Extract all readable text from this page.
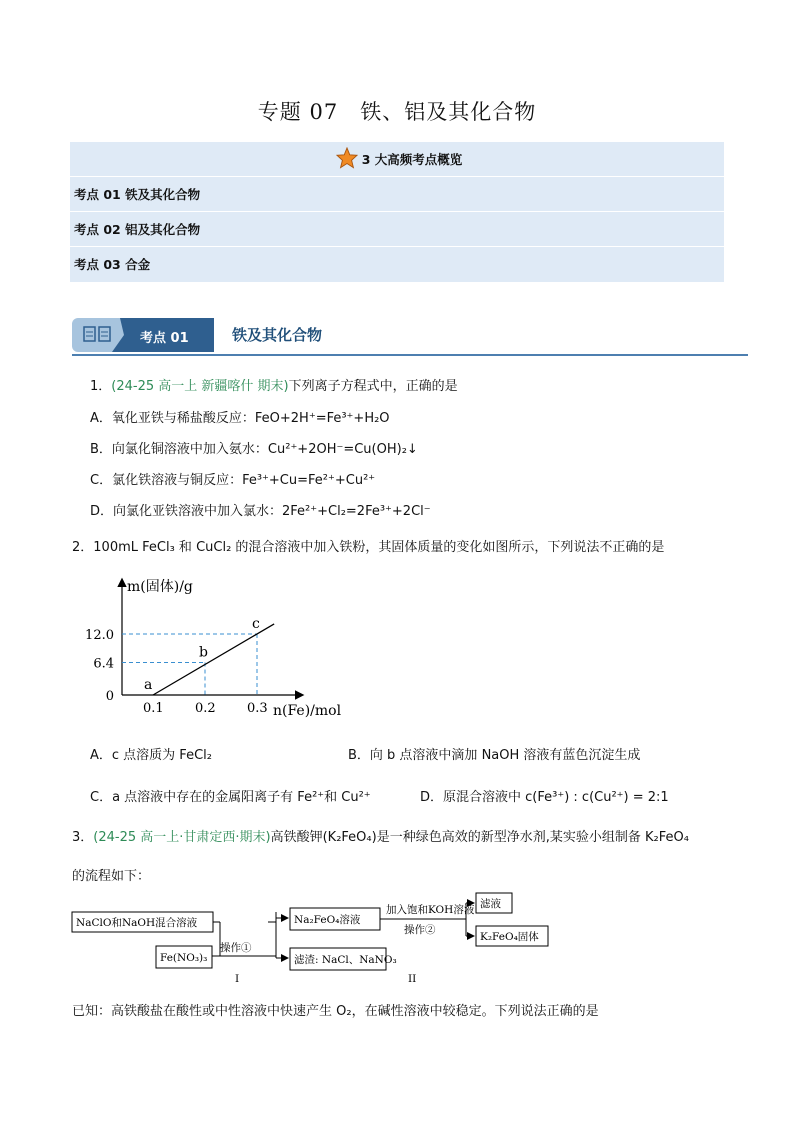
专题 07　铁、铝及其化合物
3 大高频考点概览
考点 01 铁及其化合物
考点 02 铝及其化合物
考点 03 合金
考点 01	铁及其化合物
1．(24-25 高一上 新疆喀什 期末)下列离子方程式中，正确的是
A．氧化亚铁与稀盐酸反应：FeO+2H⁺=Fe³⁺+H₂O
B．向氯化铜溶液中加入氨水：Cu²⁺+2OH⁻=Cu(OH)₂↓
C．氯化铁溶液与铜反应：Fe³⁺+Cu=Fe²⁺+Cu²⁺
D．向氯化亚铁溶液中加入氯水：2Fe²⁺+Cl₂=2Fe³⁺+2Cl⁻
2．100mL FeCl₃ 和 CuCl₂ 的混合溶液中加入铁粉，其固体质量的变化如图所示，下列说法不正确的是
m(固体)/g
n(Fe)/mol
a
b
c
0.1 0.2 0.3
0
6.4
12.0
A．c 点溶质为 FeCl₂	B．向 b 点溶液中滴加 NaOH 溶液有蓝色沉淀生成
C．a 点溶液中存在的金属阳离子有 Fe²⁺和 Cu²⁺	D．原混合溶液中 c(Fe³⁺) : c(Cu²⁺) = 2:1
3．(24-25 高一上·甘肃定西·期末)高铁酸钾(K₂FeO₄)是一种绿色高效的新型净水剂,某实验小组制备 K₂FeO₄
的流程如下：
NaClO和NaOH混合溶液
Fe(NO₃)₃
操作①
I
Na₂FeO₄溶液
滤渣: NaCl、NaNO₃
加入饱和KOH溶液
操作②
II
滤液
K₂FeO₄固体
已知：高铁酸盐在酸性或中性溶液中快速产生 O₂，在碱性溶液中较稳定。下列说法正确的是
